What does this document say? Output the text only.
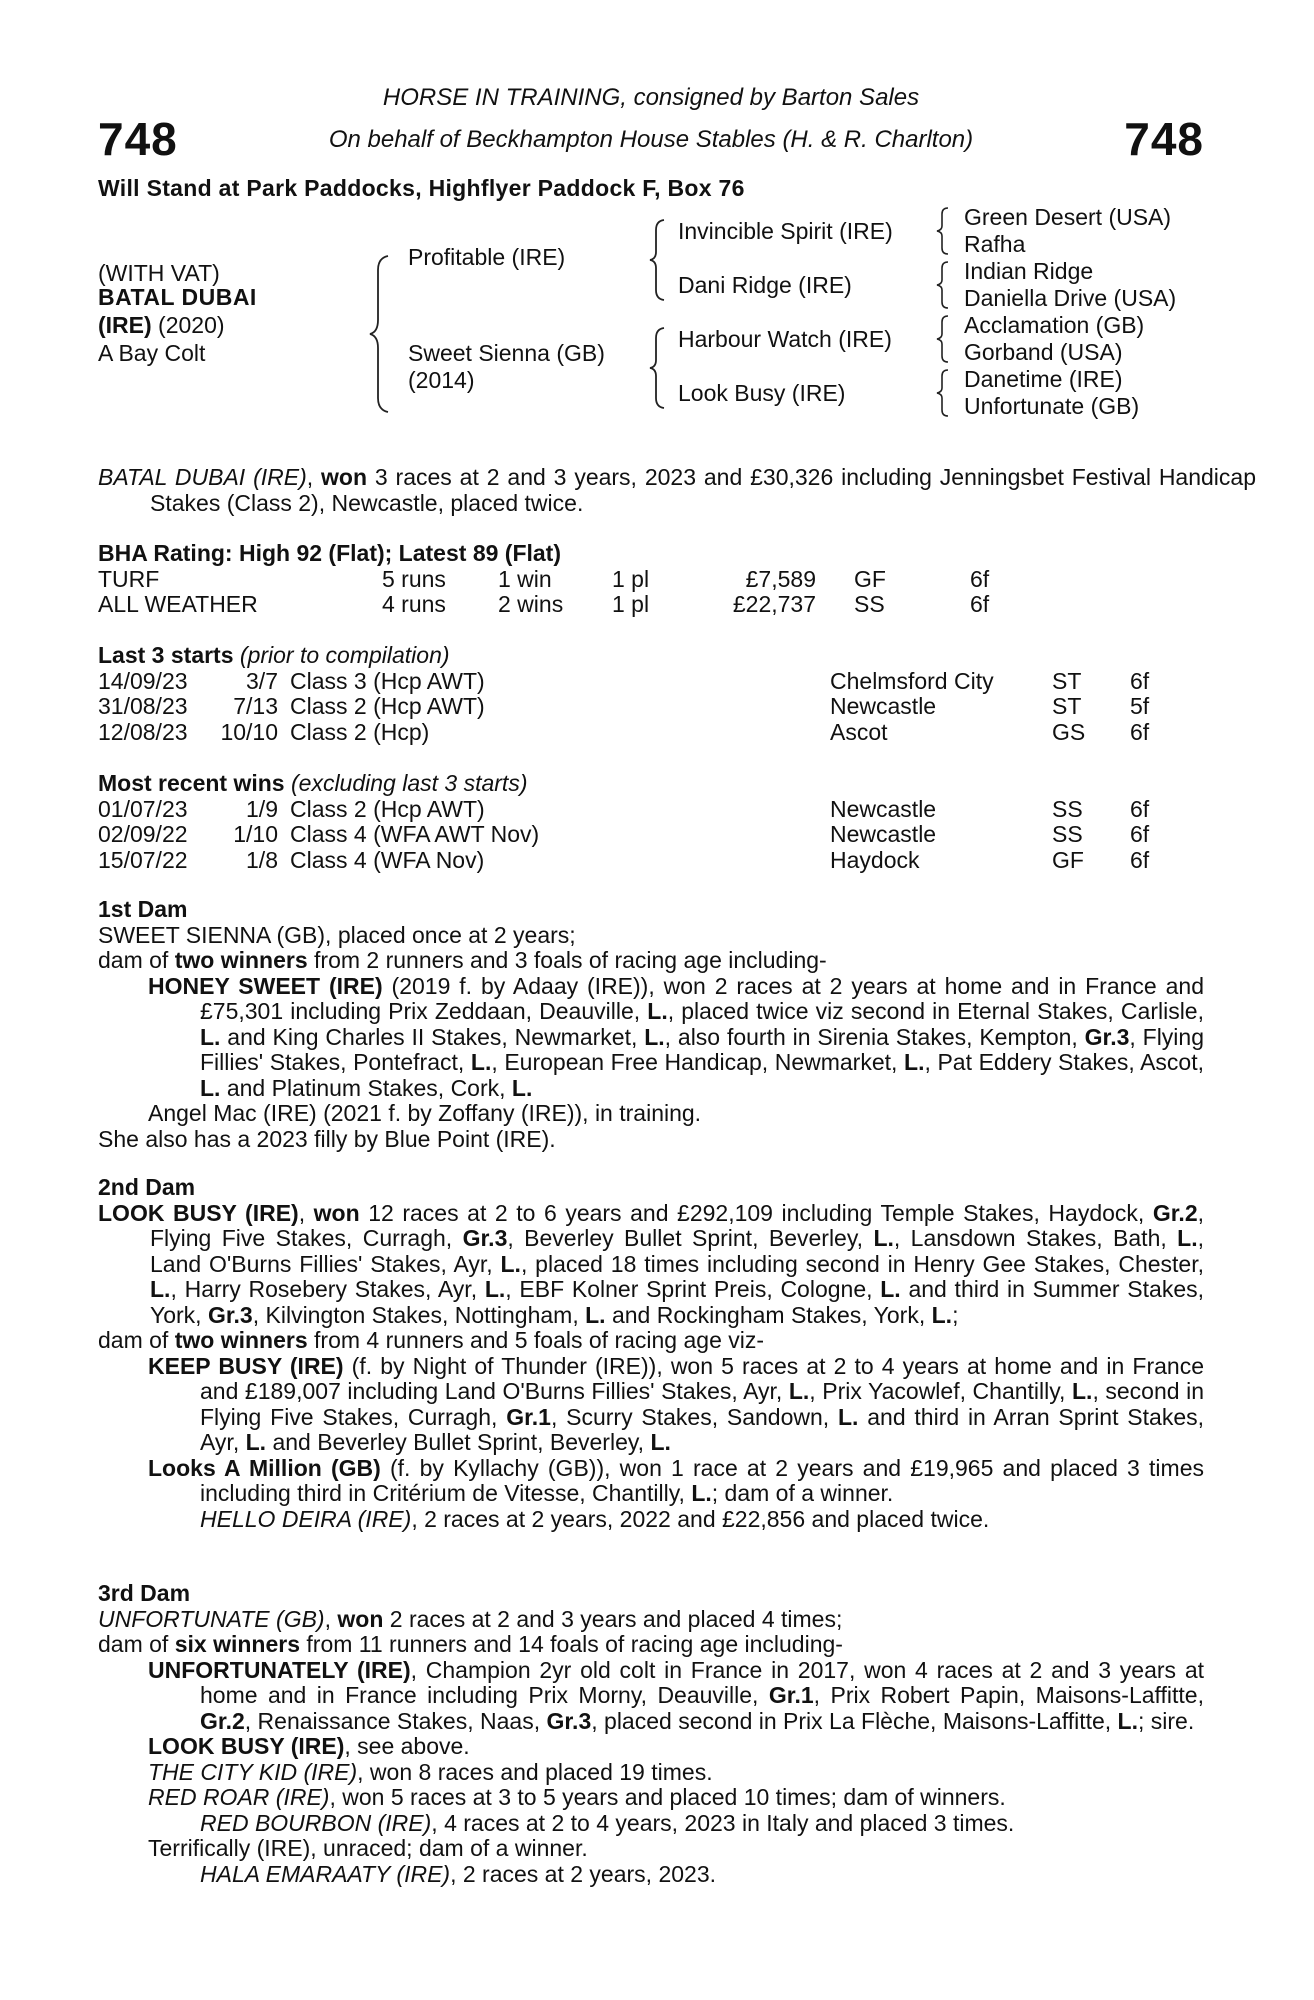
748	748
HORSE IN TRAINING, consigned by Barton Sales
On behalf of Beckhampton House Stables (H. & R. Charlton)
Will Stand at Park Paddocks, Highflyer Paddock F, Box 76
(WITH VAT)
BATAL DUBAI
(IRE) (2020)
A Bay Colt
Profitable (IRE)
Sweet Sienna (GB)
(2014)
Invincible Spirit (IRE)
Dani Ridge (IRE)
Harbour Watch (IRE)
Look Busy (IRE)
Green Desert (USA)
Rafha
Indian Ridge
Daniella Drive (USA)
Acclamation (GB)
Gorband (USA)
Danetime (IRE)
Unfortunate (GB)
BATAL DUBAI (IRE), won 3 races at 2 and 3 years, 2023 and £30,326 including Jenningsbet Festival Handicap Stakes (Class 2), Newcastle, placed twice.
BHA Rating: High 92 (Flat); Latest 89 (Flat)
TURF	5 runs	1 win	1 pl	£7,589	GF	6f
ALL WEATHER	4 runs	2 wins	1 pl	£22,737	SS	6f
Last 3 starts (prior to compilation)
14/09/23	3/7	Class 3 (Hcp AWT)	Chelmsford City	ST	6f
31/08/23	7/13	Class 2 (Hcp AWT)	Newcastle	ST	5f
12/08/23	10/10	Class 2 (Hcp)	Ascot	GS	6f
Most recent wins (excluding last 3 starts)
01/07/23	1/9	Class 2 (Hcp AWT)	Newcastle	SS	6f
02/09/22	1/10	Class 4 (WFA AWT Nov)	Newcastle	SS	6f
15/07/22	1/8	Class 4 (WFA Nov)	Haydock	GF	6f
1st Dam
SWEET SIENNA (GB), placed once at 2 years;
dam of two winners from 2 runners and 3 foals of racing age including-
HONEY SWEET (IRE) (2019 f. by Adaay (IRE)), won 2 races at 2 years at home and in France and £75,301 including Prix Zeddaan, Deauville, L., placed twice viz second in Eternal Stakes, Carlisle, L. and King Charles II Stakes, Newmarket, L., also fourth in Sirenia Stakes, Kempton, Gr.3, Flying Fillies' Stakes, Pontefract, L., European Free Handicap, Newmarket, L., Pat Eddery Stakes, Ascot, L. and Platinum Stakes, Cork, L.
Angel Mac (IRE) (2021 f. by Zoffany (IRE)), in training.
She also has a 2023 filly by Blue Point (IRE).
2nd Dam
LOOK BUSY (IRE), won 12 races at 2 to 6 years and £292,109 including Temple Stakes, Haydock, Gr.2, Flying Five Stakes, Curragh, Gr.3, Beverley Bullet Sprint, Beverley, L., Lansdown Stakes, Bath, L., Land O'Burns Fillies' Stakes, Ayr, L., placed 18 times including second in Henry Gee Stakes, Chester, L., Harry Rosebery Stakes, Ayr, L., EBF Kolner Sprint Preis, Cologne, L. and third in Summer Stakes, York, Gr.3, Kilvington Stakes, Nottingham, L. and Rockingham Stakes, York, L.;
dam of two winners from 4 runners and 5 foals of racing age viz-
KEEP BUSY (IRE) (f. by Night of Thunder (IRE)), won 5 races at 2 to 4 years at home and in France and £189,007 including Land O'Burns Fillies' Stakes, Ayr, L., Prix Yacowlef, Chantilly, L., second in Flying Five Stakes, Curragh, Gr.1, Scurry Stakes, Sandown, L. and third in Arran Sprint Stakes, Ayr, L. and Beverley Bullet Sprint, Beverley, L.
Looks A Million (GB) (f. by Kyllachy (GB)), won 1 race at 2 years and £19,965 and placed 3 times including third in Critérium de Vitesse, Chantilly, L.; dam of a winner.
HELLO DEIRA (IRE), 2 races at 2 years, 2022 and £22,856 and placed twice.
3rd Dam
UNFORTUNATE (GB), won 2 races at 2 and 3 years and placed 4 times;
dam of six winners from 11 runners and 14 foals of racing age including-
UNFORTUNATELY (IRE), Champion 2yr old colt in France in 2017, won 4 races at 2 and 3 years at home and in France including Prix Morny, Deauville, Gr.1, Prix Robert Papin, Maisons-Laffitte, Gr.2, Renaissance Stakes, Naas, Gr.3, placed second in Prix La Flèche, Maisons-Laffitte, L.; sire.
LOOK BUSY (IRE), see above.
THE CITY KID (IRE), won 8 races and placed 19 times.
RED ROAR (IRE), won 5 races at 3 to 5 years and placed 10 times; dam of winners.
RED BOURBON (IRE), 4 races at 2 to 4 years, 2023 in Italy and placed 3 times.
Terrifically (IRE), unraced; dam of a winner.
HALA EMARAATY (IRE), 2 races at 2 years, 2023.
